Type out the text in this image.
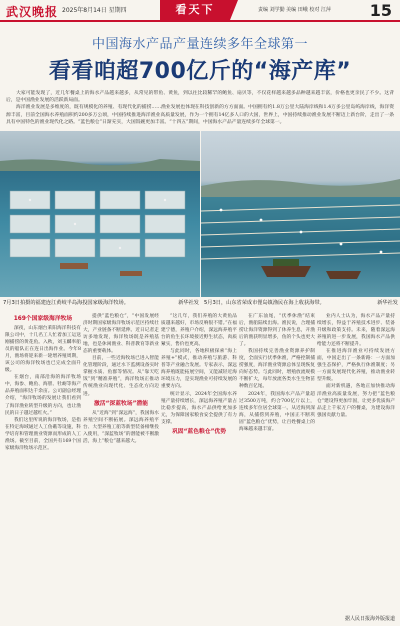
武汉晚报 2025年8月14日 星期四	看天下	责编 刘学勤 美编 田峨 校对 江萍 15
中国海水产品产量连续多年全球第一
看看咱超700亿斤的“海产库”

大家可能发现了，近几年餐桌上的海水产品越来越多，从常见的带鱼、黄鱼，到以往比较稀罕的鲍鱼、扇贝等，不仅花样越来越多品种越来越丰富，价格也更亲民了不少。这背后，是中国渔业发展的活跃新局面。

海洋渔业发展是多维度的，既有规模化的养殖、有现代化的捕捞……渔业发展也体现在科技创新的方方面面。中国拥有约1.8万公里大陆海岸线和1.4万多公里岛屿海岸线，海洋资源丰富，目前全国海水养殖面积约200多万公顷，中国持续推进海洋渔业高质量发展，作为一个拥有14亿多人口的大国，世界上，中国持续推动渔业发展不断迈上新台阶，走出了一条具有中国特色的渔业现代化之路。“蓝色粮仓”日渐充实，大国饭碗更加丰富。“十四五”期间，中国海水产品产量连续多年全球第一。

7月3日拍摄的福建连江黄岐半岛海投国家级海洋牧场。	新华社发 5月3日，山东省荣成市俚岛镇渔民在海上收获海带。	新华社发
169个国家级海洋牧场

深夜，山东烟台莱阳海洋科技有限公司中，十几名工人忙着加工运送刚捕捞的黄花鱼。入秋，刘玉麟率船员的船队正在连日出海作业。今年8月，渔场将迎来新一轮增养殖周期，该公司的海洋牧场也已完成全面升级。

在烟台，南部沿海的海洋牧场中，海参、鲍鱼、海胆、牡蛎等海产品养殖面积达千余亩。公司副总经理介绍，“海洋牧场的发展让我们看到了海洋渔业转型升级的方向，也让渔民的日子越过越红火。”

我们这里所说的海洋牧场，是指在特定海域通过人工鱼礁等设施，科学培育和管理渔业资源而形成的人工渔场。截至目前，全国共有169个国家级海洋牧场示范区。

提供“蓝色粮仓”，“中国发展经济时期国家级海洋牧场示范区持续壮大，产业链条不断延伸。近日记者走访多地发现，海洋牧场既是养殖基地，也是休闲渔业、科普教育等新业态的重要载体。

目前，一些近海牧场已进入智能化管理阶段，通过水下监测设备实时掌握水质、鱼群等情况。从“靠天吃饭”到“精准养殖”，海洋牧场正推动传统渔业向现代化、生态化方向迈进。

激活“深蓝牧场”潜能

从“近海”到“深远海”，我国海水养殖空间不断拓展。深远海养殖平台、大型养殖工船等新型装备相继投入使用，“深蓝牧场”的潜能被不断激活，海上“粮仓”越来越大。

“这几年，我们养殖的大黄鱼品质越来越好，市场反响很不错。”在福建宁德，养殖户介绍，深远海养殖平台的鱼生长环境接近野生状态，肉质紧实，售价也更高。

与此同时，各地积极探索“海上养殖+”模式，推动养殖与旅游、科普等产业融合发展。专家表示，深远海养殖既能拓展空间，又能减轻近海环境压力，是实现渔业可持续发展的重要方向。

统计显示，2024年全国海水养殖产量持续增长，深远海养殖产量占比稳步提高，海水产品供给更加多元，为保障国家粮食安全提供了有力支撑。

巩固“蓝色粮仓”优势

在广东汕尾，“伏季休渔”结束后，渔船陆续出海。渔民说，合理捕捞让海洋资源得到了休养生息，开渔后的渔获明显增多，鱼的个头也更大了。

我国持续完善渔业资源养护制度，全面实行伏季休渔，严格控制捕捞强度，海洋渔业资源总体呈现恢复向好态势。与此同时，增殖放流规模不断扩大，每年放流各类水生生物苗种数百亿尾。

2024年，我国海水产品产量超过3500万吨，约合700亿斤以上，连续多年位居全球第一。从近海到深海，从捕捞到养殖，中国正不断巩固“蓝色粮仓”优势，让百姓餐桌上的海味越来越丰富。

业内人士认为，海水产品产量持续增长，得益于养殖技术进步、装备升级和政策支持。未来，随着深远海养殖的进一步发展，我国海水产品供给能力还将不断提升。

在推进海洋渔业可持续发展方面，中国走出了一条新路：一方面加强生态保护，严格执行休渔制度；另一方面发展现代化养殖，推动渔业转型升级。

面对新机遇，各地正加快推动海洋渔业高质量发展，努力把“蓝色粮仓”建设得更加牢固，让更多优质海产品走上千家万户的餐桌，为建设海洋强国贡献力量。

据人民日报海外版报道
